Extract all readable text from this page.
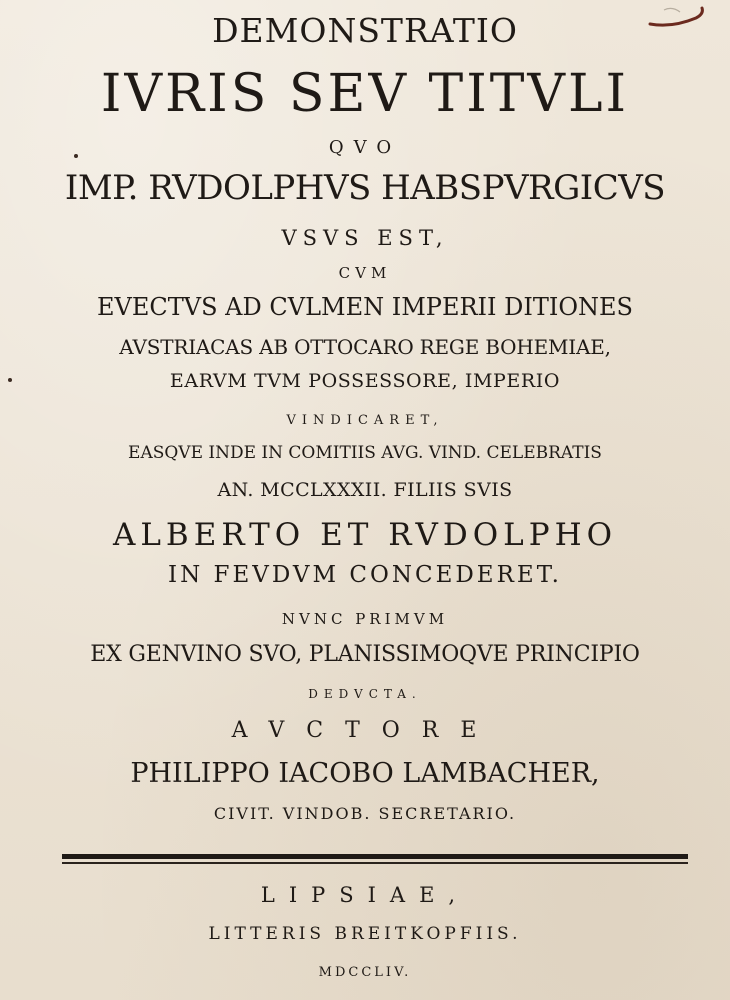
DEMONSTRATIO
IVRIS SEV TITVLI
QVO
IMP. RVDOLPHVS HABSPVRGICVS
VSVS EST,
CVM
EVECTVS AD CVLMEN IMPERII DITIONES
AVSTRIACAS AB OTTOCARO REGE BOHEMIAE,
EARVM TVM POSSESSORE, IMPERIO
VINDICARET,
EASQVE INDE IN COMITIIS AVG. VIND. CELEBRATIS
AN. MCCLXXXII. FILIIS SVIS
ALBERTO ET RVDOLPHO
IN FEVDVM CONCEDERET.
NVNC PRIMVM
EX GENVINO SVO, PLANISSIMOQVE PRINCIPIO
DEDVCTA.
AVCTORE
PHILIPPO IACOBO LAMBACHER,
CIVIT. VINDOB. SECRETARIO.
LIPSIAE,
LITTERIS BREITKOPFIIS.
MDCCLIV.
